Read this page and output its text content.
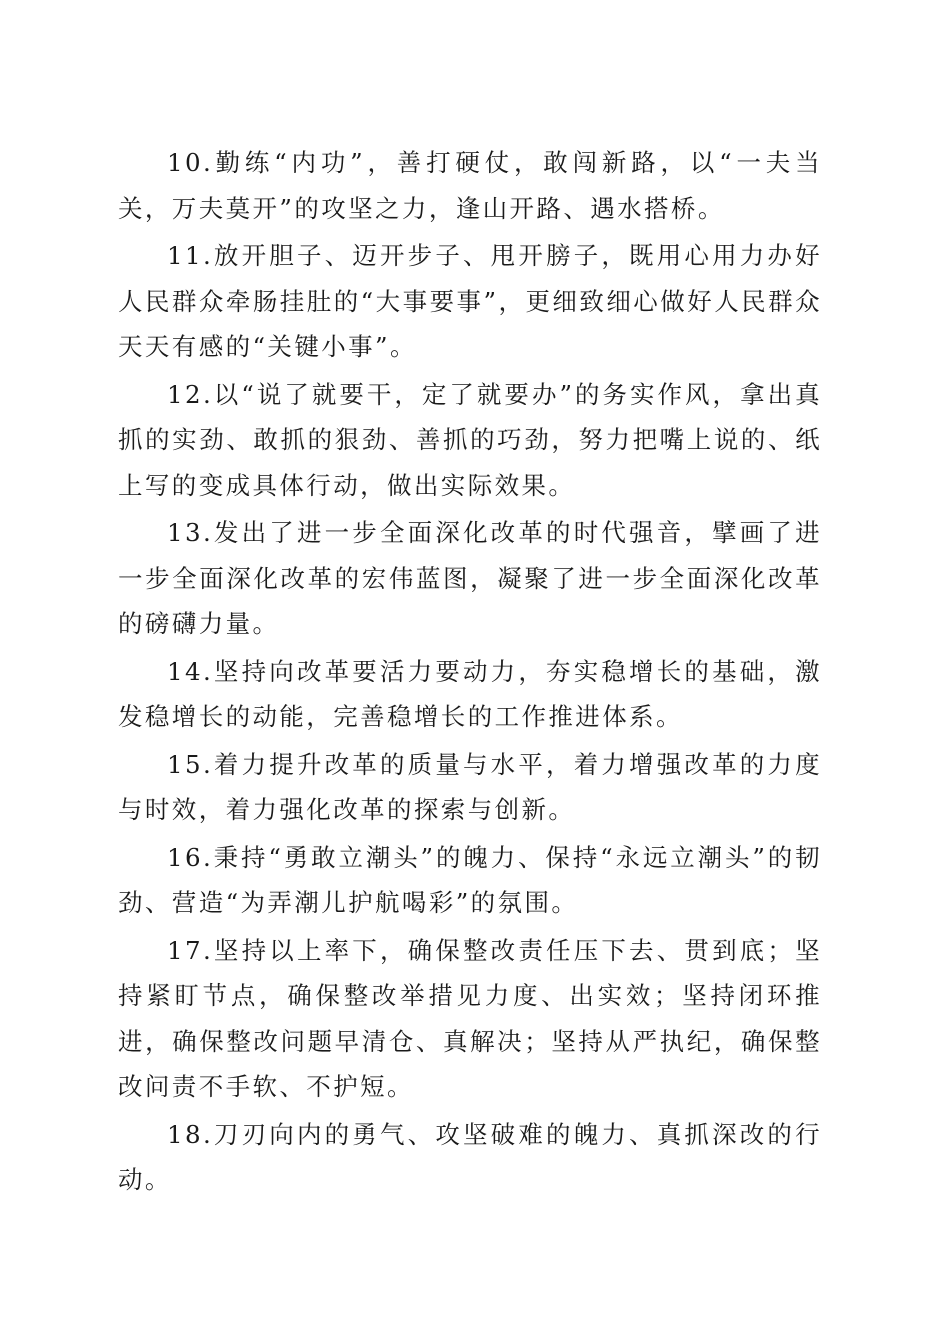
10.勤练“内功”，善打硬仗，敢闯新路，以“一夫当关，万夫莫开”的攻坚之力，逢山开路、遇水搭桥。

11.放开胆子、迈开步子、甩开膀子，既用心用力办好人民群众牵肠挂肚的“大事要事”，更细致细心做好人民群众天天有感的“关键小事”。

12.以“说了就要干，定了就要办”的务实作风，拿出真抓的实劲、敢抓的狠劲、善抓的巧劲，努力把嘴上说的、纸上写的变成具体行动，做出实际效果。

13.发出了进一步全面深化改革的时代强音，擘画了进一步全面深化改革的宏伟蓝图，凝聚了进一步全面深化改革的磅礴力量。

14.坚持向改革要活力要动力，夯实稳增长的基础，激发稳增长的动能，完善稳增长的工作推进体系。

15.着力提升改革的质量与水平，着力增强改革的力度与时效，着力强化改革的探索与创新。

16.秉持“勇敢立潮头”的魄力、保持“永远立潮头”的韧劲、营造“为弄潮儿护航喝彩”的氛围。

17.坚持以上率下，确保整改责任压下去、贯到底；坚持紧盯节点，确保整改举措见力度、出实效；坚持闭环推进，确保整改问题早清仓、真解决；坚持从严执纪，确保整改问责不手软、不护短。

18.刀刃向内的勇气、攻坚破难的魄力、真抓深改的行动。
